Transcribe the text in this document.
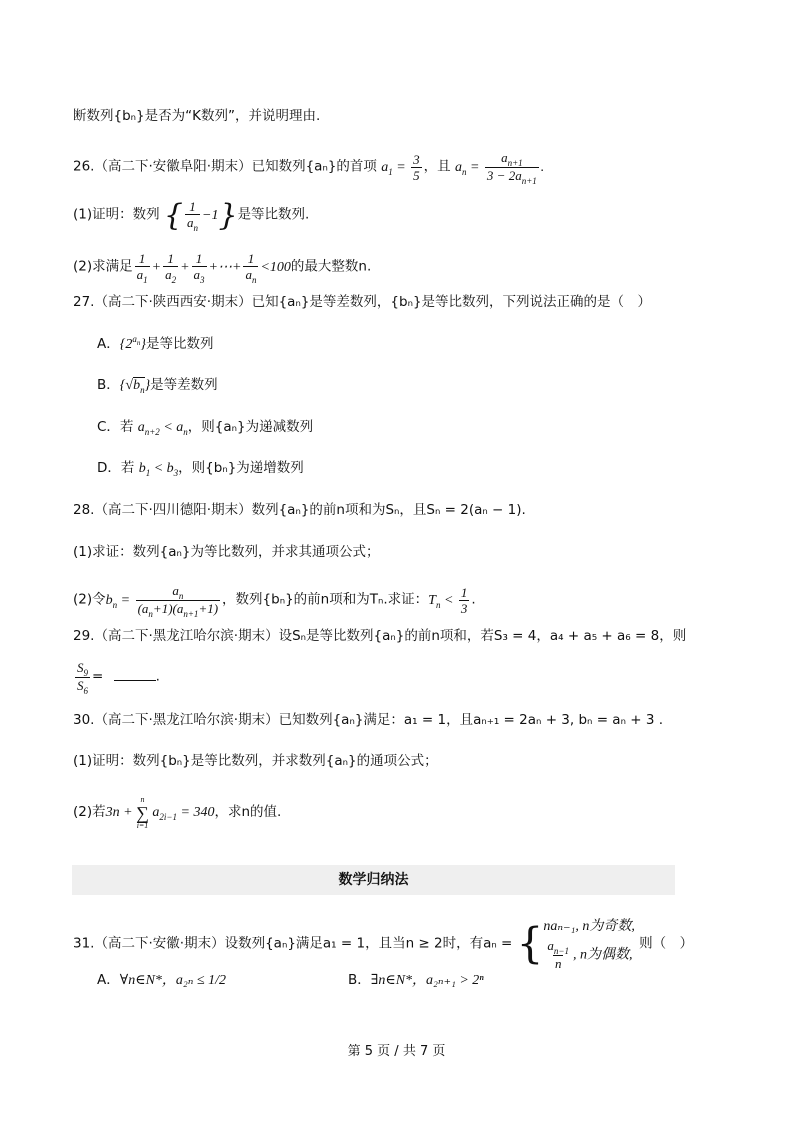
断数列{bₙ}是否为“K数列”，并说明理由.
26.（高二下·安徽阜阳·期末）已知数列{aₙ}的首项 $a_1 = \frac{3}{5}$ ，且 $a_n = \frac{a_{n+1}}{3 - 2a_{n+1}}$ .
(1)证明：数列 { $\frac{1}{a_n} -1$}是等比数列.
(2)求满足 $\frac{1}{a_1} + \frac{1}{a_2} + \frac{1}{a_3}$ +⋯+ $\frac{1}{a_n} <100$的最大整数n.
27.（高二下·陕西西安·期末）已知{aₙ}是等差数列，{bₙ}是等比数列，下列说法正确的是（　）
A．$\{2^{a_n}\}$是等比数列
B．$\{√b_n\}$是等差数列
C．若 $a_{n+2} < a_n$，则{aₙ}为递减数列
D．若 $b_1 < b_3$，则{bₙ}为递增数列
28.（高二下·四川德阳·期末）数列{aₙ}的前n项和为Sₙ，且Sₙ = 2(aₙ − 1).
(1)求证：数列{aₙ}为等比数列，并求其通项公式；
(2)令$b_n = \frac{a_n}{(a_n+1)(a_{n+1}+1)}$ ，数列{bₙ}的前n项和为Tₙ.求证：$T_n < \frac{1}{3}$ .
29.（高二下·黑龙江哈尔滨·期末）设Sₙ是等比数列{aₙ}的前n项和，若S₃ = 4，a₄ + a₅ + a₆ = 8，则
$\frac{S_9}{S_6}$ =	.
30.（高二下·黑龙江哈尔滨·期末）已知数列{aₙ}满足：a₁ = 1，且aₙ₊₁ = 2aₙ + 3, bₙ = aₙ + 3 .
(1)证明：数列{bₙ}是等比数列，并求数列{aₙ}的通项公式；
(2)若3n +
n
∑
i=1
$a_{2i-1} = 340$，求n的值.
数学归纳法
31.（高二下·安徽·期末）设数列{aₙ}满足a₁ = 1，且当n ≥ 2时，有aₙ = { naₙ₋₁, n为奇数,
$\frac{a_{n-1}}{n}$ , n为偶数,
则（　）
A．∀n∈N*，a₂ₙ ≤ 1/2	B．∃n∈N*，a₂ₙ₊₁ > 2ⁿ
第 5 页 / 共 7 页
